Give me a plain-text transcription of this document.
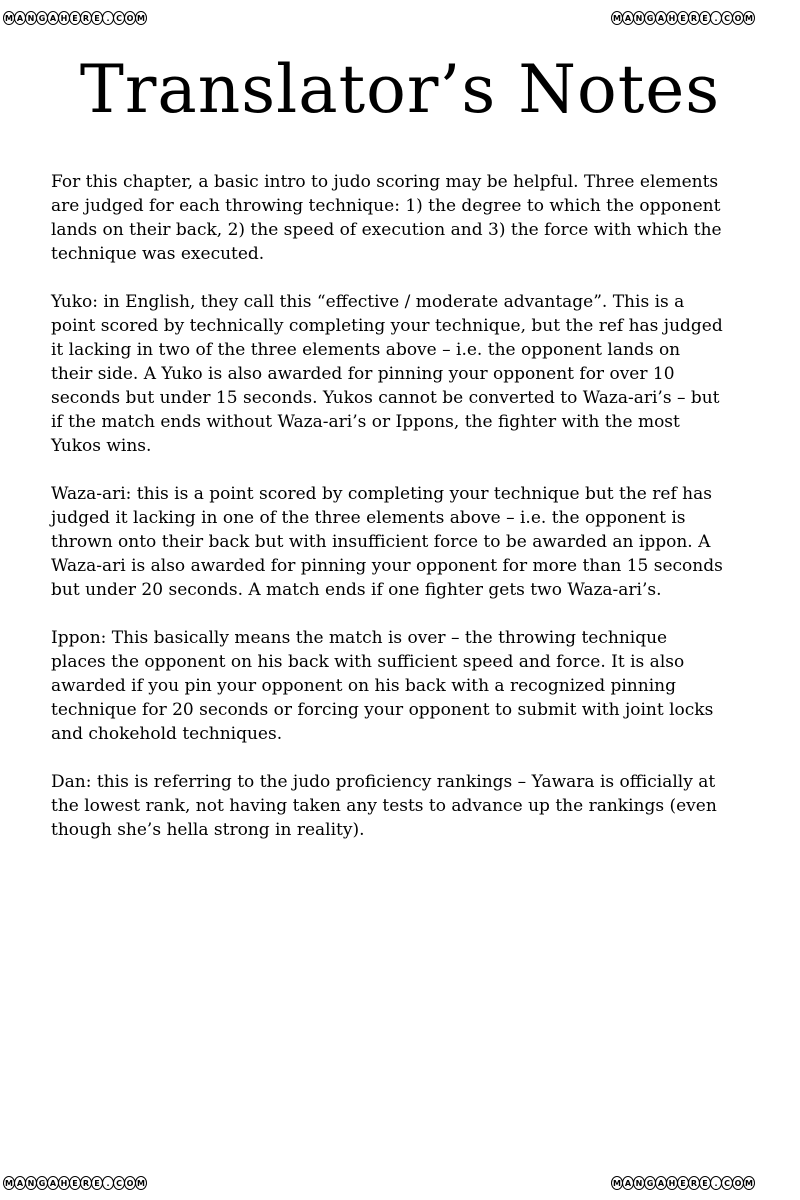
M A N G A H E R E . C O M	M A N G A H E R E . C O M
M A N G A H E R E . C O M	M A N G A H E R E . C O M
Translator’s Notes

For this chapter, a basic intro to judo scoring may be helpful. Three elements
are judged for each throwing technique: 1) the degree to which the opponent
lands on their back, 2) the speed of execution and 3) the force with which the
technique was executed.

Yuko: in English, they call this “effective / moderate advantage”. This is a
point scored by technically completing your technique, but the ref has judged
it lacking in two of the three elements above – i.e. the opponent lands on
their side. A Yuko is also awarded for pinning your opponent for over 10
seconds but under 15 seconds. Yukos cannot be converted to Waza-ari’s – but
if the match ends without Waza-ari’s or Ippons, the fighter with the most
Yukos wins.

Waza-ari: this is a point scored by completing your technique but the ref has
judged it lacking in one of the three elements above – i.e. the opponent is
thrown onto their back but with insufficient force to be awarded an ippon. A
Waza-ari is also awarded for pinning your opponent for more than 15 seconds
but under 20 seconds. A match ends if one fighter gets two Waza-ari’s.

Ippon: This basically means the match is over – the throwing technique
places the opponent on his back with sufficient speed and force. It is also
awarded if you pin your opponent on his back with a recognized pinning
technique for 20 seconds or forcing your opponent to submit with joint locks
and chokehold techniques.

Dan: this is referring to the judo proficiency rankings – Yawara is officially at
the lowest rank, not having taken any tests to advance up the rankings (even
though she’s hella strong in reality).
